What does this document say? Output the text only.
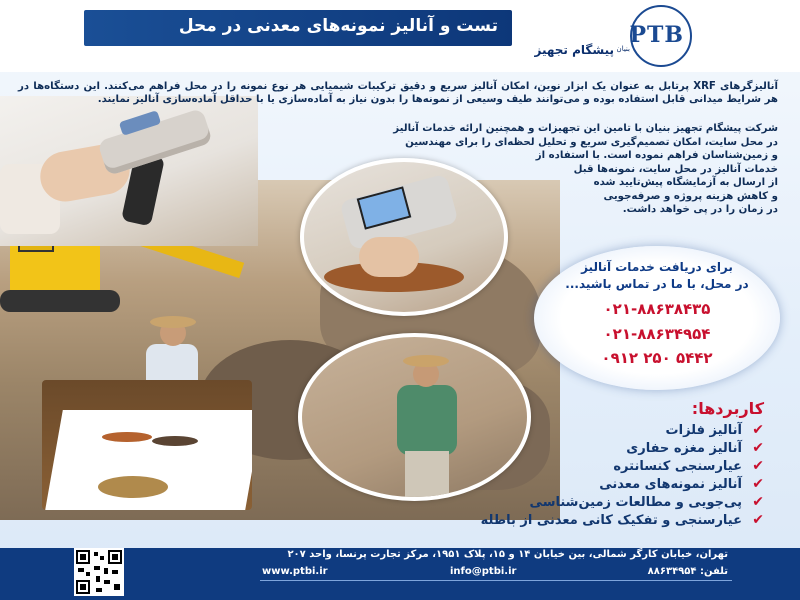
تست و آنالیز نمونه‌های معدنی در محل	PTB
پیشگام تجهیز بنیان
آنالیزگرهای XRF پرتابل به عنوان یک ابزار نوین، امکان آنالیز سریع و دقیق ترکیبات شیمیایی هر نوع نمونه را در محل فراهم می‌کنند. این دستگاه‌ها در هر شرایط میدانی قابل استفاده بوده و می‌توانند طیف وسیعی از نمونه‌ها را بدون نیاز به آماده‌سازی یا با حداقل آماده‌سازی آنالیز نمایند.

شرکت پیشگام تجهیز بنیان با تامین این تجهیزات و همچنین ارائه خدمات آنالیز

در محل سایت، امکان تصمیم‌گیری سریع و تحلیل لحظه‌ای را برای مهندسین

و زمین‌شناسان فراهم نموده است. با استفاده از

خدمات آنالیز در محل سایت، نمونه‌ها قبل

از ارسال به آزمایشگاه پیش‌تایید شده

و کاهش هزینه پروژه و صرفه‌جویی

در زمان را در پی خواهد داشت.

برای دریافت خدمات آنالیز
در محل، با ما در تماس باشید...
۰۲۱-۸۸۶۳۸۴۳۵
۰۲۱-۸۸۶۳۴۹۵۴
۰۹۱۲ ۲۵۰ ۵۴۴۲
کاربردها:
✔
آنالیز فلزات
✔
آنالیز مغزه حفاری
✔
عیارسنجی کنسانتره
✔
آنالیز نمونه‌های معدنی
✔
پی‌جویی و مطالعات زمین‌شناسی
✔
عیارسنجی و تفکیک کانی معدنی از باطله
تهران، خیابان کارگر شمالی، بین خیابان ۱۴ و ۱۵، پلاک ۱۹۵۱، مرکز تجارت پرنسا، واحد ۲۰۷
www.ptbi.ir	info@ptbi.ir	تلفن: ۸۸۶۳۴۹۵۴
